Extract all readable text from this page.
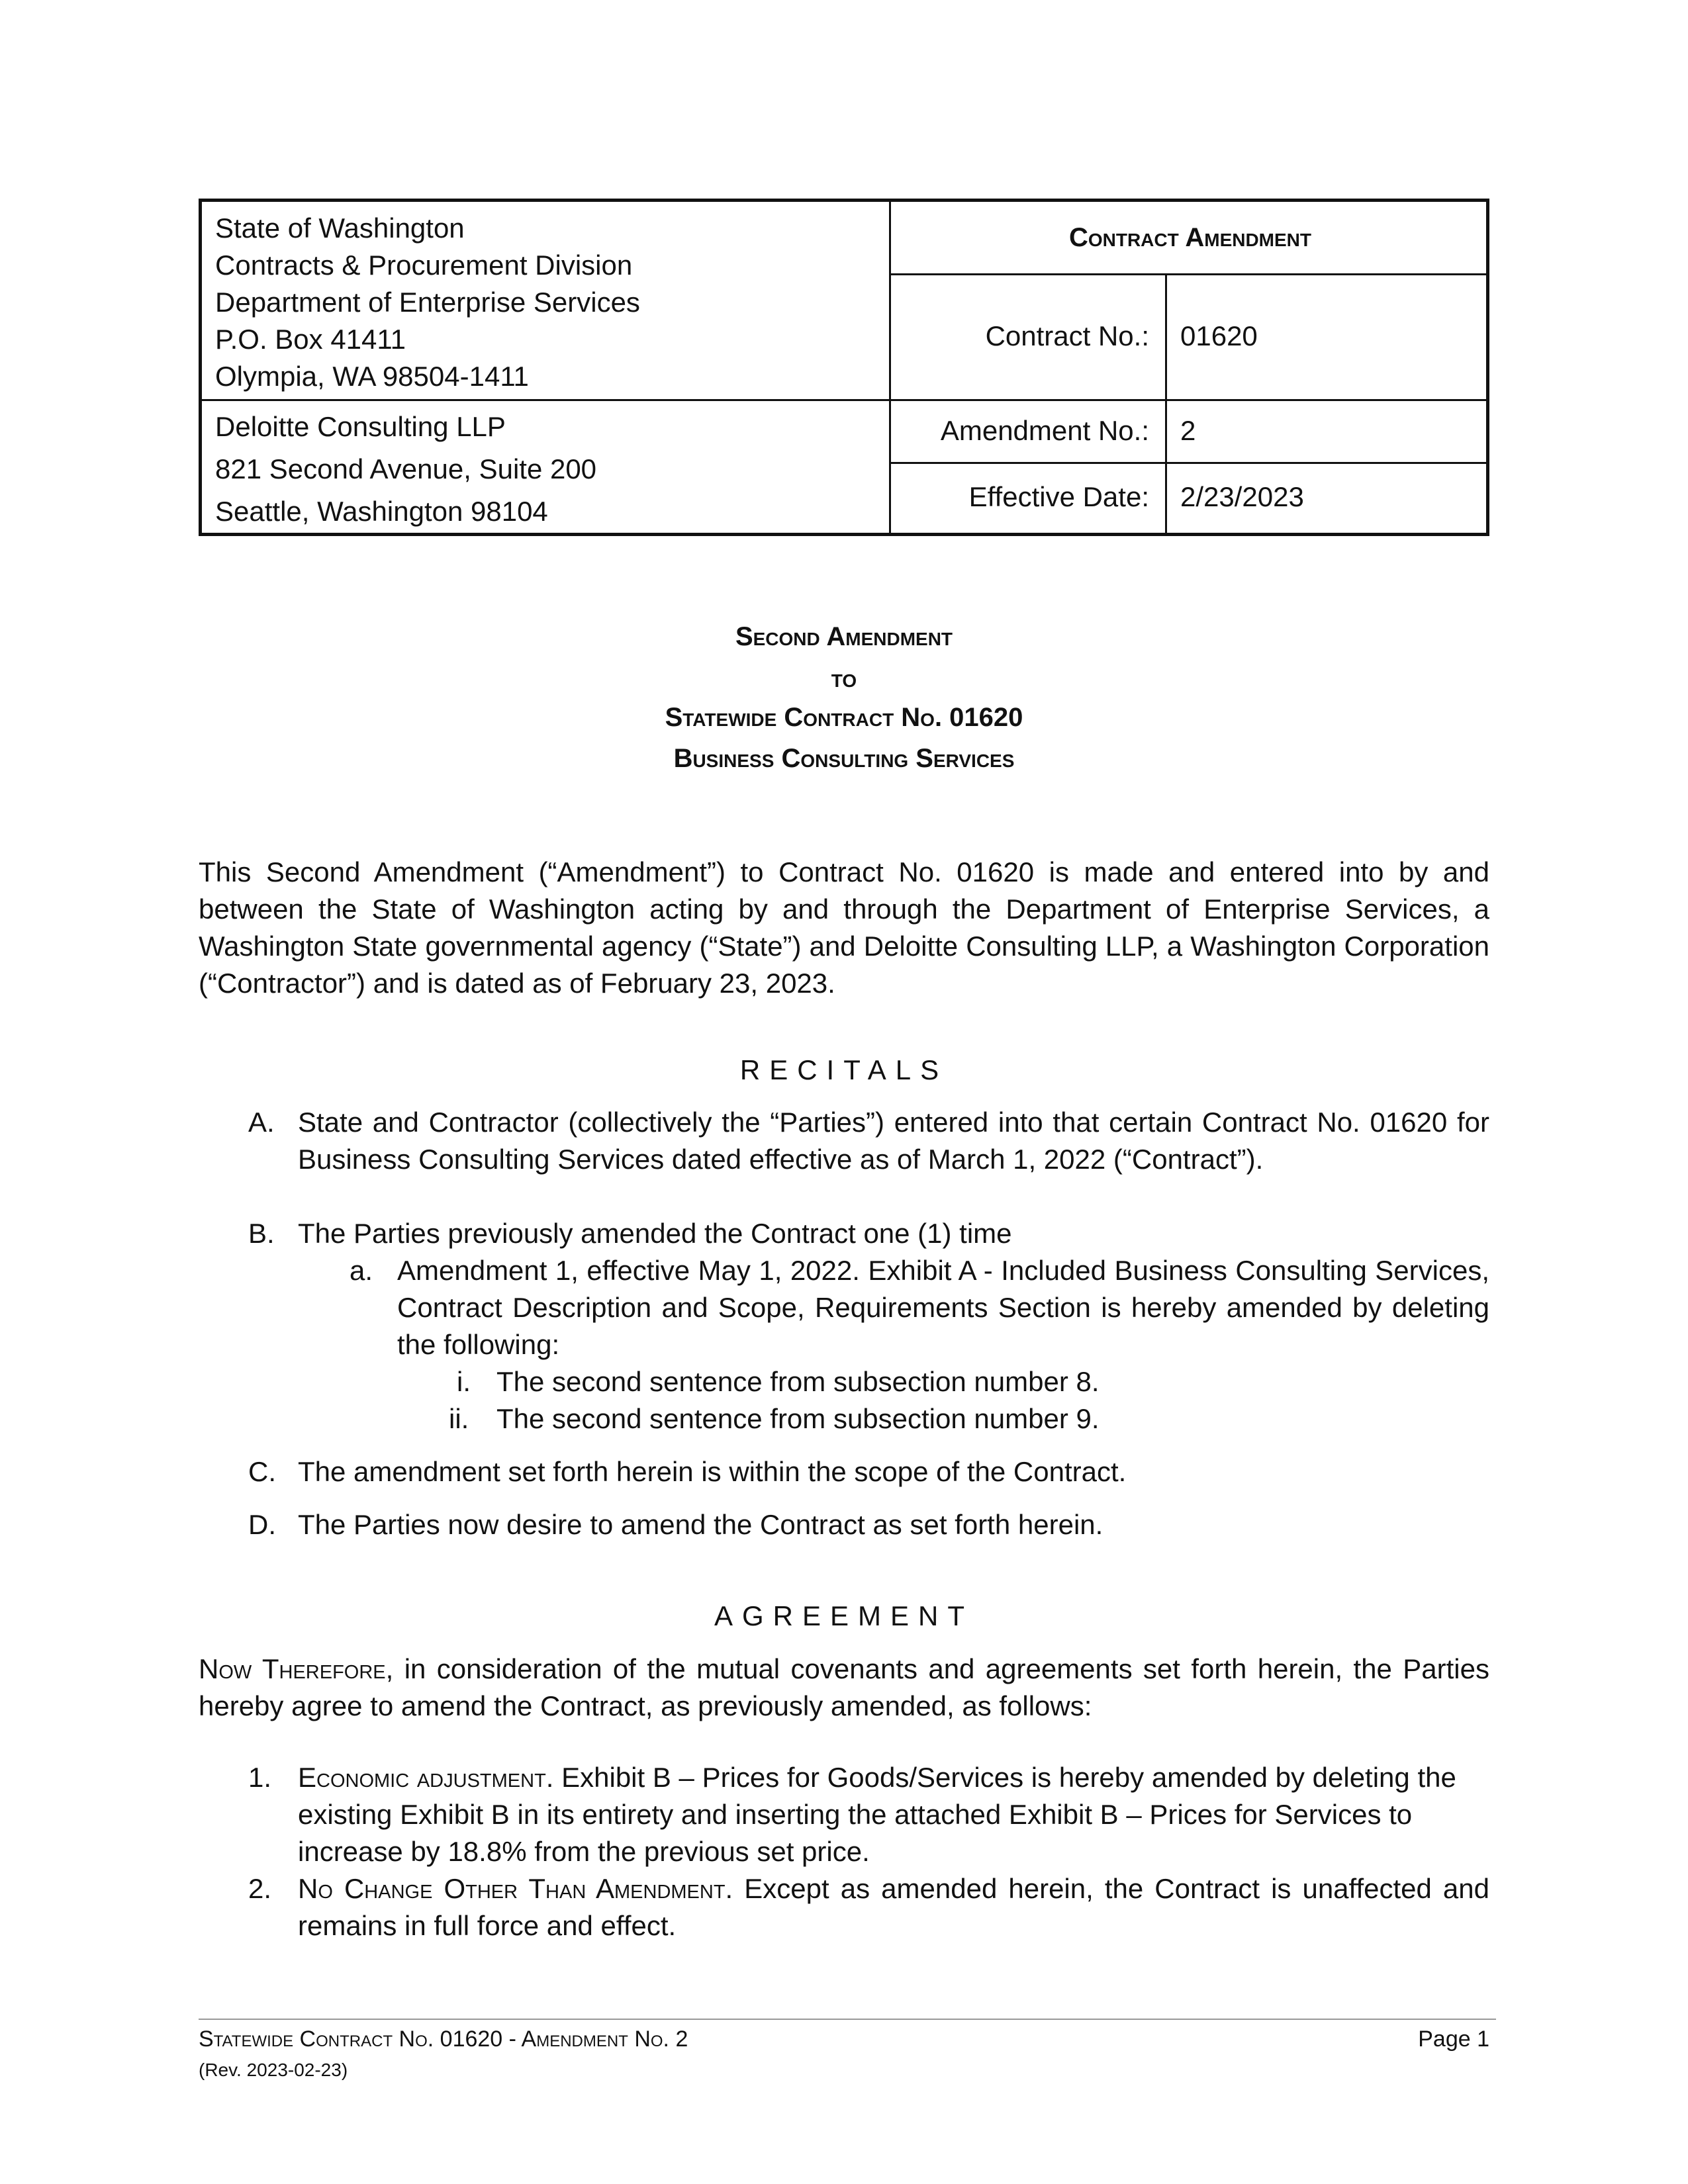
State of Washington
Contracts & Procurement Division
Department of Enterprise Services
P.O. Box 41411
Olympia, WA 98504-1411
Deloitte Consulting LLP
821 Second Avenue, Suite 200
Seattle, Washington 98104
Contract Amendment
Contract No.: 01620
Amendment No.: 2
Effective Date: 2/23/2023
Second Amendment
to
Statewide Contract No. 01620
Business Consulting Services
This Second Amendment (“Amendment”) to Contract No. 01620 is made and entered into by and between the State of Washington acting by and through the Department of Enterprise Services, a Washington State governmental agency (“State”) and Deloitte Consulting LLP, a Washington Corporation (“Contractor”) and is dated as of February 23, 2023.
RECITALS
A. State and Contractor (collectively the “Parties”) entered into that certain Contract No. 01620 for Business Consulting Services dated effective as of March 1, 2022 (“Contract”).
B. The Parties previously amended the Contract one (1) time
a. Amendment 1, effective May 1, 2022. Exhibit A - Included Business Consulting Services, Contract Description and Scope, Requirements Section is hereby amended by deleting the following:
i. The second sentence from subsection number 8.
ii. The second sentence from subsection number 9.
C. The amendment set forth herein is within the scope of the Contract.
D. The Parties now desire to amend the Contract as set forth herein.
AGREEMENT
Now Therefore, in consideration of the mutual covenants and agreements set forth herein, the Parties hereby agree to amend the Contract, as previously amended, as follows:
1. Economic adjustment. Exhibit B – Prices for Goods/Services is hereby amended by deleting the existing Exhibit B in its entirety and inserting the attached Exhibit B – Prices for Services to increase by 18.8% from the previous set price.
2. No Change Other Than Amendment. Except as amended herein, the Contract is unaffected and remains in full force and effect.
Statewide Contract No. 01620 - Amendment No. 2
(Rev. 2023-02-23)
Page 1
